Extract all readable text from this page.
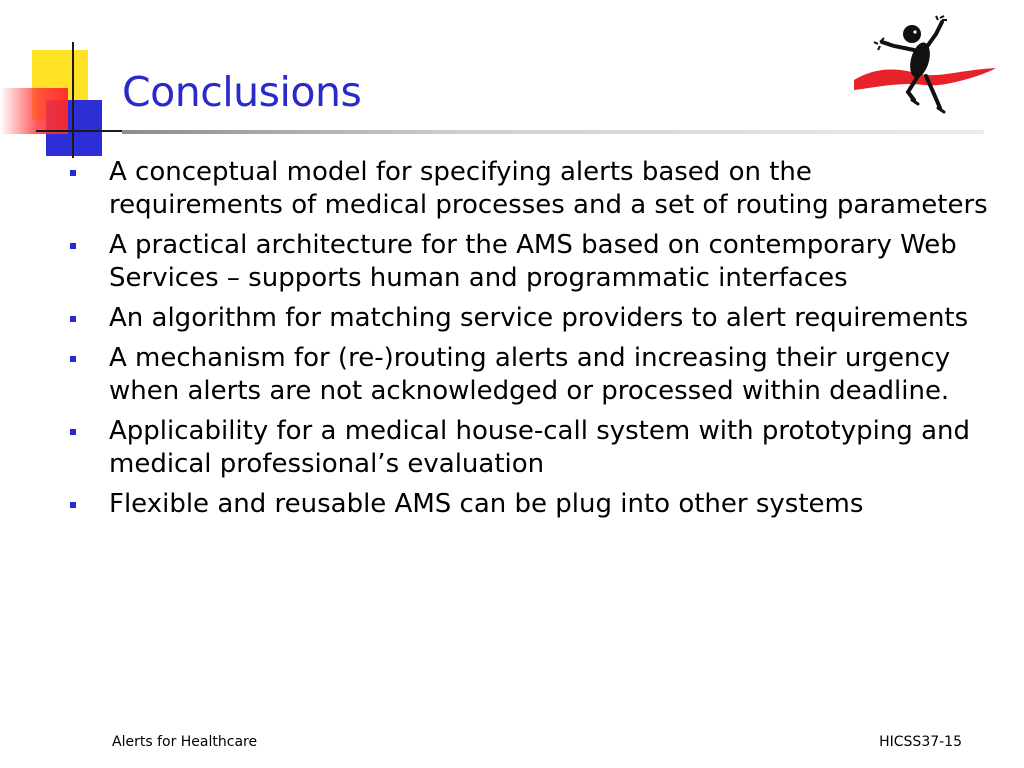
Conclusions
A conceptual model for specifying alerts based on the requirements of medical processes and a set of routing parameters
A practical architecture for the AMS based on contemporary Web Services – supports human and programmatic interfaces
An algorithm for matching service providers to alert requirements
A mechanism for (re-)routing alerts and increasing their urgency when alerts are not acknowledged or processed within deadline.
Applicability for a medical house-call system with prototyping and medical professional’s evaluation
Flexible and reusable AMS can be plug into other systems
Alerts for Healthcare	HICSS37-15
